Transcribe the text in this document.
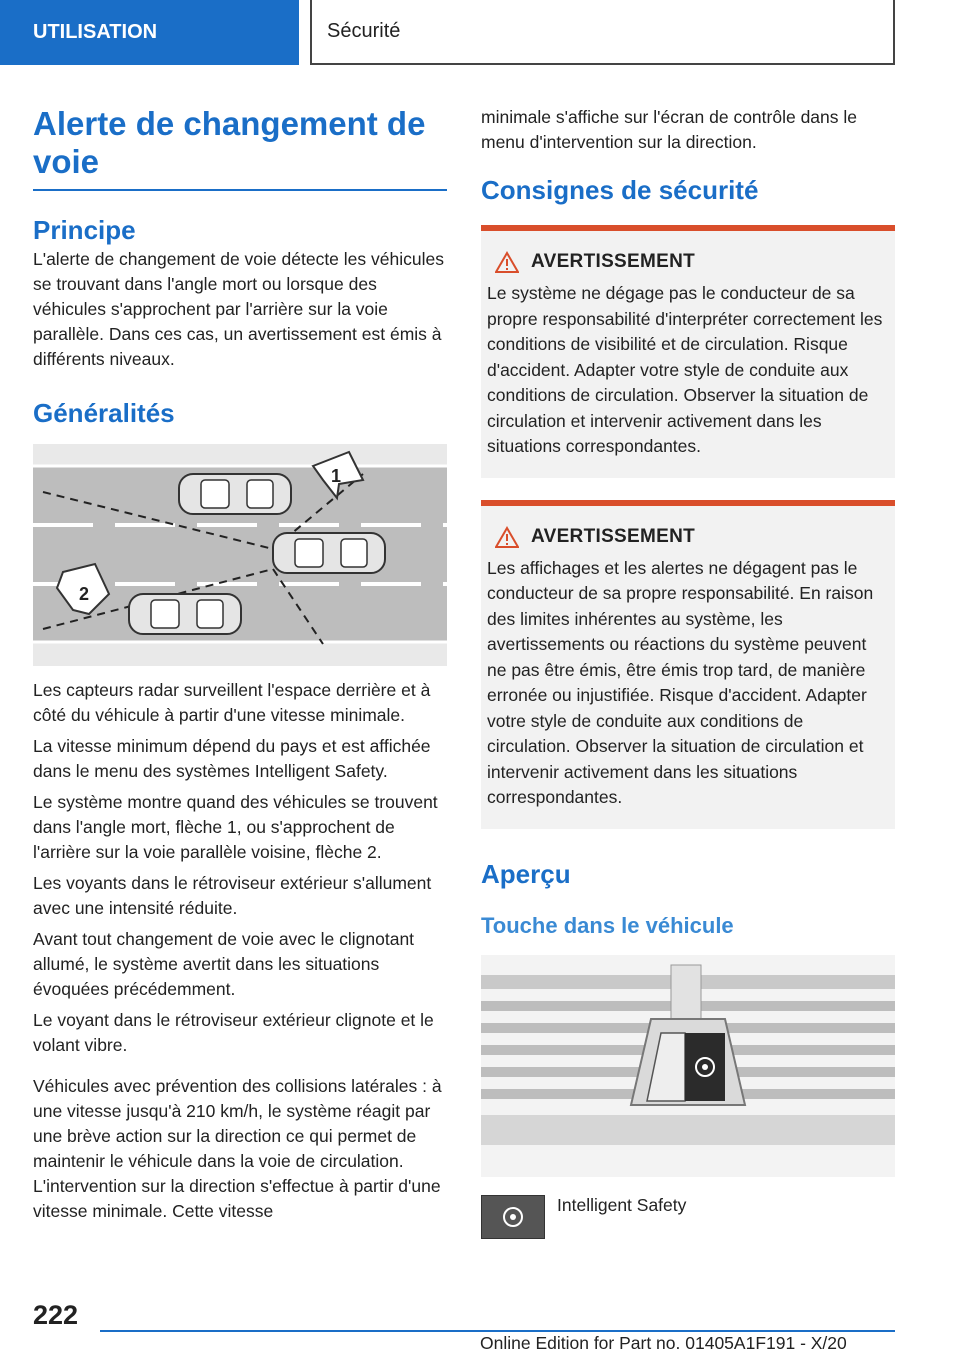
UTILISATION	Sécurité
Alerte de changement de voie
Principe

L'alerte de changement de voie détecte les véhicules se trouvant dans l'angle mort ou lorsque des véhicules s'approchent par l'arrière sur la voie parallèle. Dans ces cas, un avertissement est émis à différents niveaux.

Généralités
1
2

Les capteurs radar surveillent l'espace derrière et à côté du véhicule à partir d'une vitesse minimale.

La vitesse minimum dépend du pays et est affichée dans le menu des systèmes Intelligent Safety.

Le système montre quand des véhicules se trouvent dans l'angle mort, flèche 1, ou s'approchent de l'arrière sur la voie parallèle voisine, flèche 2.

Les voyants dans le rétroviseur extérieur s'allument avec une intensité réduite.

Avant tout changement de voie avec le clignotant allumé, le système avertit dans les situations évoquées précédemment.

Le voyant dans le rétroviseur extérieur clignote et le volant vibre.

Véhicules avec prévention des collisions latérales : à une vitesse jusqu'à 210 km/h, le système réagit par une brève action sur la direction ce qui permet de maintenir le véhicule dans la voie de circulation. L'intervention sur la direction s'effectue à partir d'une vitesse minimale. Cette vitesse

minimale s'affiche sur l'écran de contrôle dans le menu d'intervention sur la direction.

Consignes de sécurité
AVERTISSEMENT

Le système ne dégage pas le conducteur de sa propre responsabilité d'interpréter correctement les conditions de visibilité et de circulation. Risque d'accident. Adapter votre style de conduite aux conditions de circulation. Observer la situation de circulation et intervenir activement dans les situations correspondantes.

AVERTISSEMENT

Les affichages et les alertes ne dégagent pas le conducteur de sa propre responsabilité. En raison des limites inhérentes au système, les avertissements ou réactions du système peuvent ne pas être émis, être émis trop tard, de manière erronée ou injustifiée. Risque d'accident. Adapter votre style de conduite aux conditions de circulation. Observer la situation de circulation et intervenir activement dans les situations correspondantes.

Aperçu
Touche dans le véhicule

Intelligent Safety

222
Online Edition for Part no. 01405A1F191 - X/20
